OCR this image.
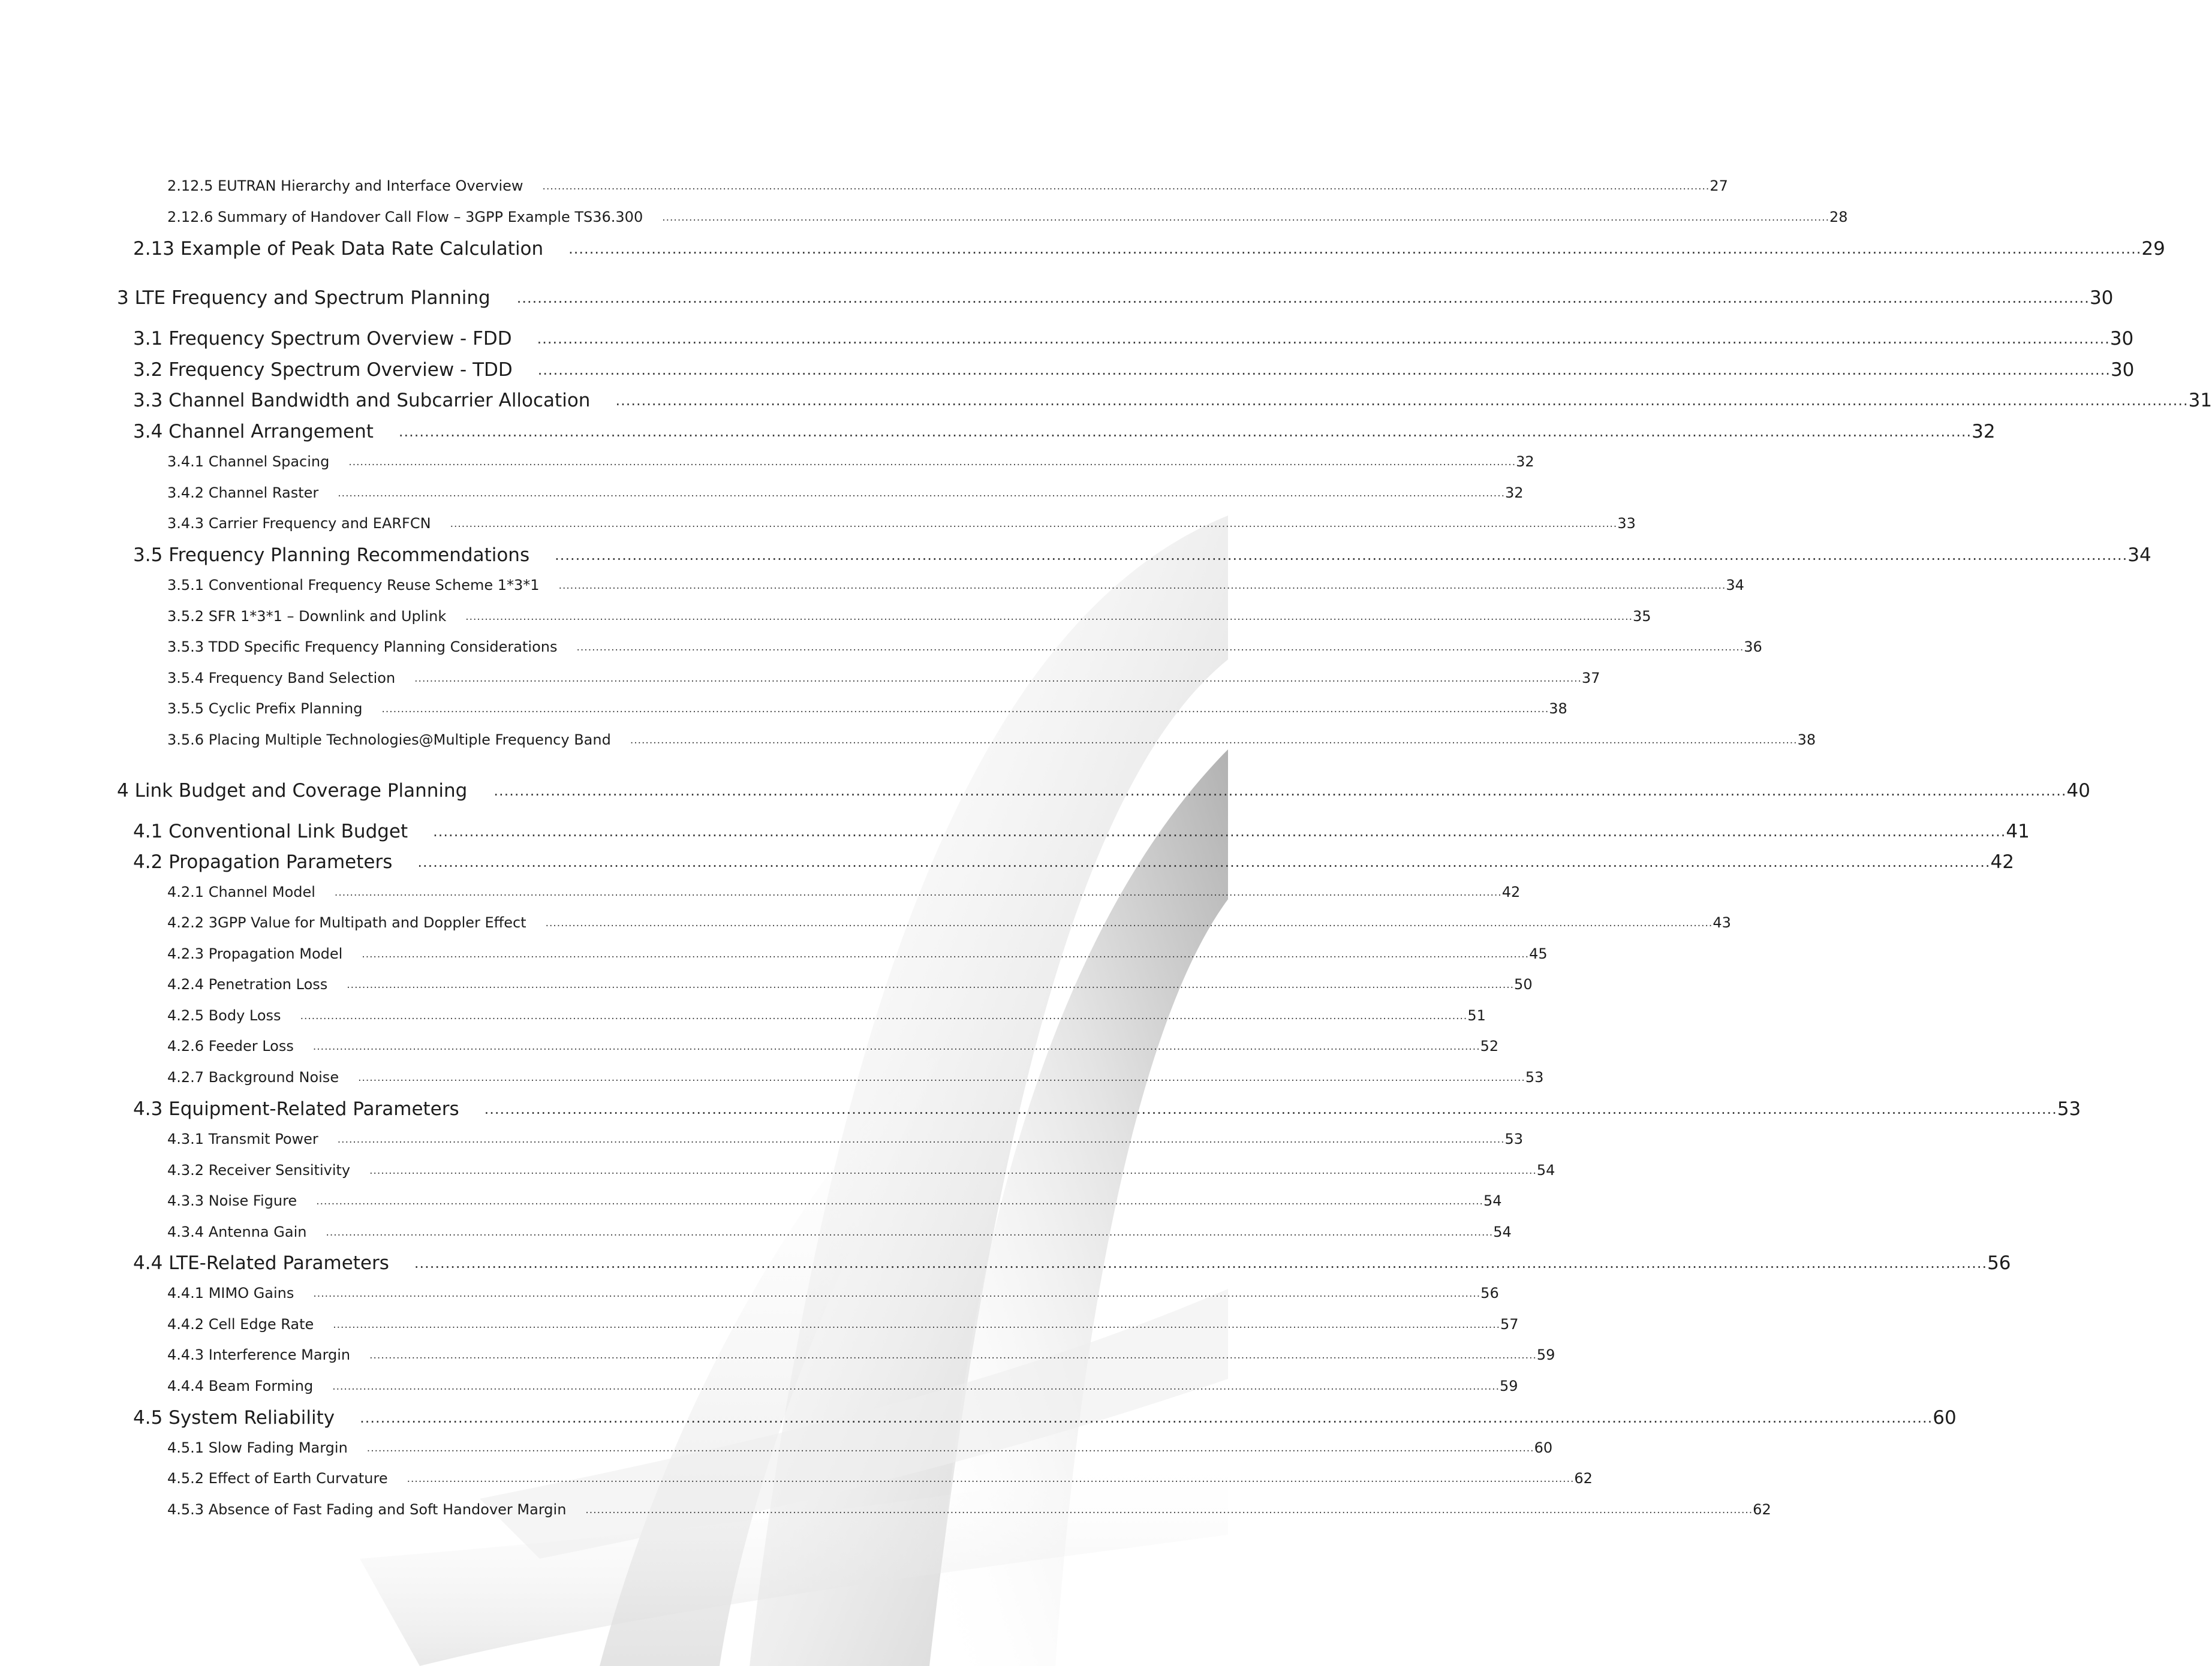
2.12.5 EUTRAN Hierarchy and Interface Overview ................................................................................................................................................................................................................................................................................................................ 27
2.12.6 Summary of Handover Call Flow – 3GPP Example TS36.300 ................................................................................................................................................................................................................................................................................................................ 28
2.13 Example of Peak Data Rate Calculation ................................................................................................................................................................................................................................................................................................................ 29
3 LTE Frequency and Spectrum Planning ................................................................................................................................................................................................................................................................................................................ 30
3.1 Frequency Spectrum Overview - FDD ................................................................................................................................................................................................................................................................................................................ 30
3.2 Frequency Spectrum Overview - TDD ................................................................................................................................................................................................................................................................................................................ 30
3.3 Channel Bandwidth and Subcarrier Allocation ................................................................................................................................................................................................................................................................................................................ 31
3.4 Channel Arrangement ................................................................................................................................................................................................................................................................................................................ 32
3.4.1 Channel Spacing ................................................................................................................................................................................................................................................................................................................ 32
3.4.2 Channel Raster ................................................................................................................................................................................................................................................................................................................ 32
3.4.3 Carrier Frequency and EARFCN ................................................................................................................................................................................................................................................................................................................ 33
3.5 Frequency Planning Recommendations ................................................................................................................................................................................................................................................................................................................ 34
3.5.1 Conventional Frequency Reuse Scheme 1*3*1 ................................................................................................................................................................................................................................................................................................................ 34
3.5.2 SFR 1*3*1 – Downlink and Uplink ................................................................................................................................................................................................................................................................................................................ 35
3.5.3 TDD Specific Frequency Planning Considerations ................................................................................................................................................................................................................................................................................................................ 36
3.5.4 Frequency Band Selection ................................................................................................................................................................................................................................................................................................................ 37
3.5.5 Cyclic Prefix Planning ................................................................................................................................................................................................................................................................................................................ 38
3.5.6 Placing Multiple Technologies@Multiple Frequency Band ................................................................................................................................................................................................................................................................................................................ 38
4 Link Budget and Coverage Planning ................................................................................................................................................................................................................................................................................................................ 40
4.1 Conventional Link Budget ................................................................................................................................................................................................................................................................................................................ 41
4.2 Propagation Parameters ................................................................................................................................................................................................................................................................................................................ 42
4.2.1 Channel Model ................................................................................................................................................................................................................................................................................................................ 42
4.2.2 3GPP Value for Multipath and Doppler Effect ................................................................................................................................................................................................................................................................................................................ 43
4.2.3 Propagation Model ................................................................................................................................................................................................................................................................................................................ 45
4.2.4 Penetration Loss ................................................................................................................................................................................................................................................................................................................ 50
4.2.5 Body Loss ................................................................................................................................................................................................................................................................................................................ 51
4.2.6 Feeder Loss ................................................................................................................................................................................................................................................................................................................ 52
4.2.7 Background Noise ................................................................................................................................................................................................................................................................................................................ 53
4.3 Equipment-Related Parameters ................................................................................................................................................................................................................................................................................................................ 53
4.3.1 Transmit Power ................................................................................................................................................................................................................................................................................................................ 53
4.3.2 Receiver Sensitivity ................................................................................................................................................................................................................................................................................................................ 54
4.3.3 Noise Figure ................................................................................................................................................................................................................................................................................................................ 54
4.3.4 Antenna Gain ................................................................................................................................................................................................................................................................................................................ 54
4.4 LTE-Related Parameters ................................................................................................................................................................................................................................................................................................................ 56
4.4.1 MIMO Gains ................................................................................................................................................................................................................................................................................................................ 56
4.4.2 Cell Edge Rate ................................................................................................................................................................................................................................................................................................................ 57
4.4.3 Interference Margin ................................................................................................................................................................................................................................................................................................................ 59
4.4.4 Beam Forming ................................................................................................................................................................................................................................................................................................................ 59
4.5 System Reliability ................................................................................................................................................................................................................................................................................................................ 60
4.5.1 Slow Fading Margin ................................................................................................................................................................................................................................................................................................................ 60
4.5.2 Effect of Earth Curvature ................................................................................................................................................................................................................................................................................................................ 62
4.5.3 Absence of Fast Fading and Soft Handover Margin ................................................................................................................................................................................................................................................................................................................ 62
